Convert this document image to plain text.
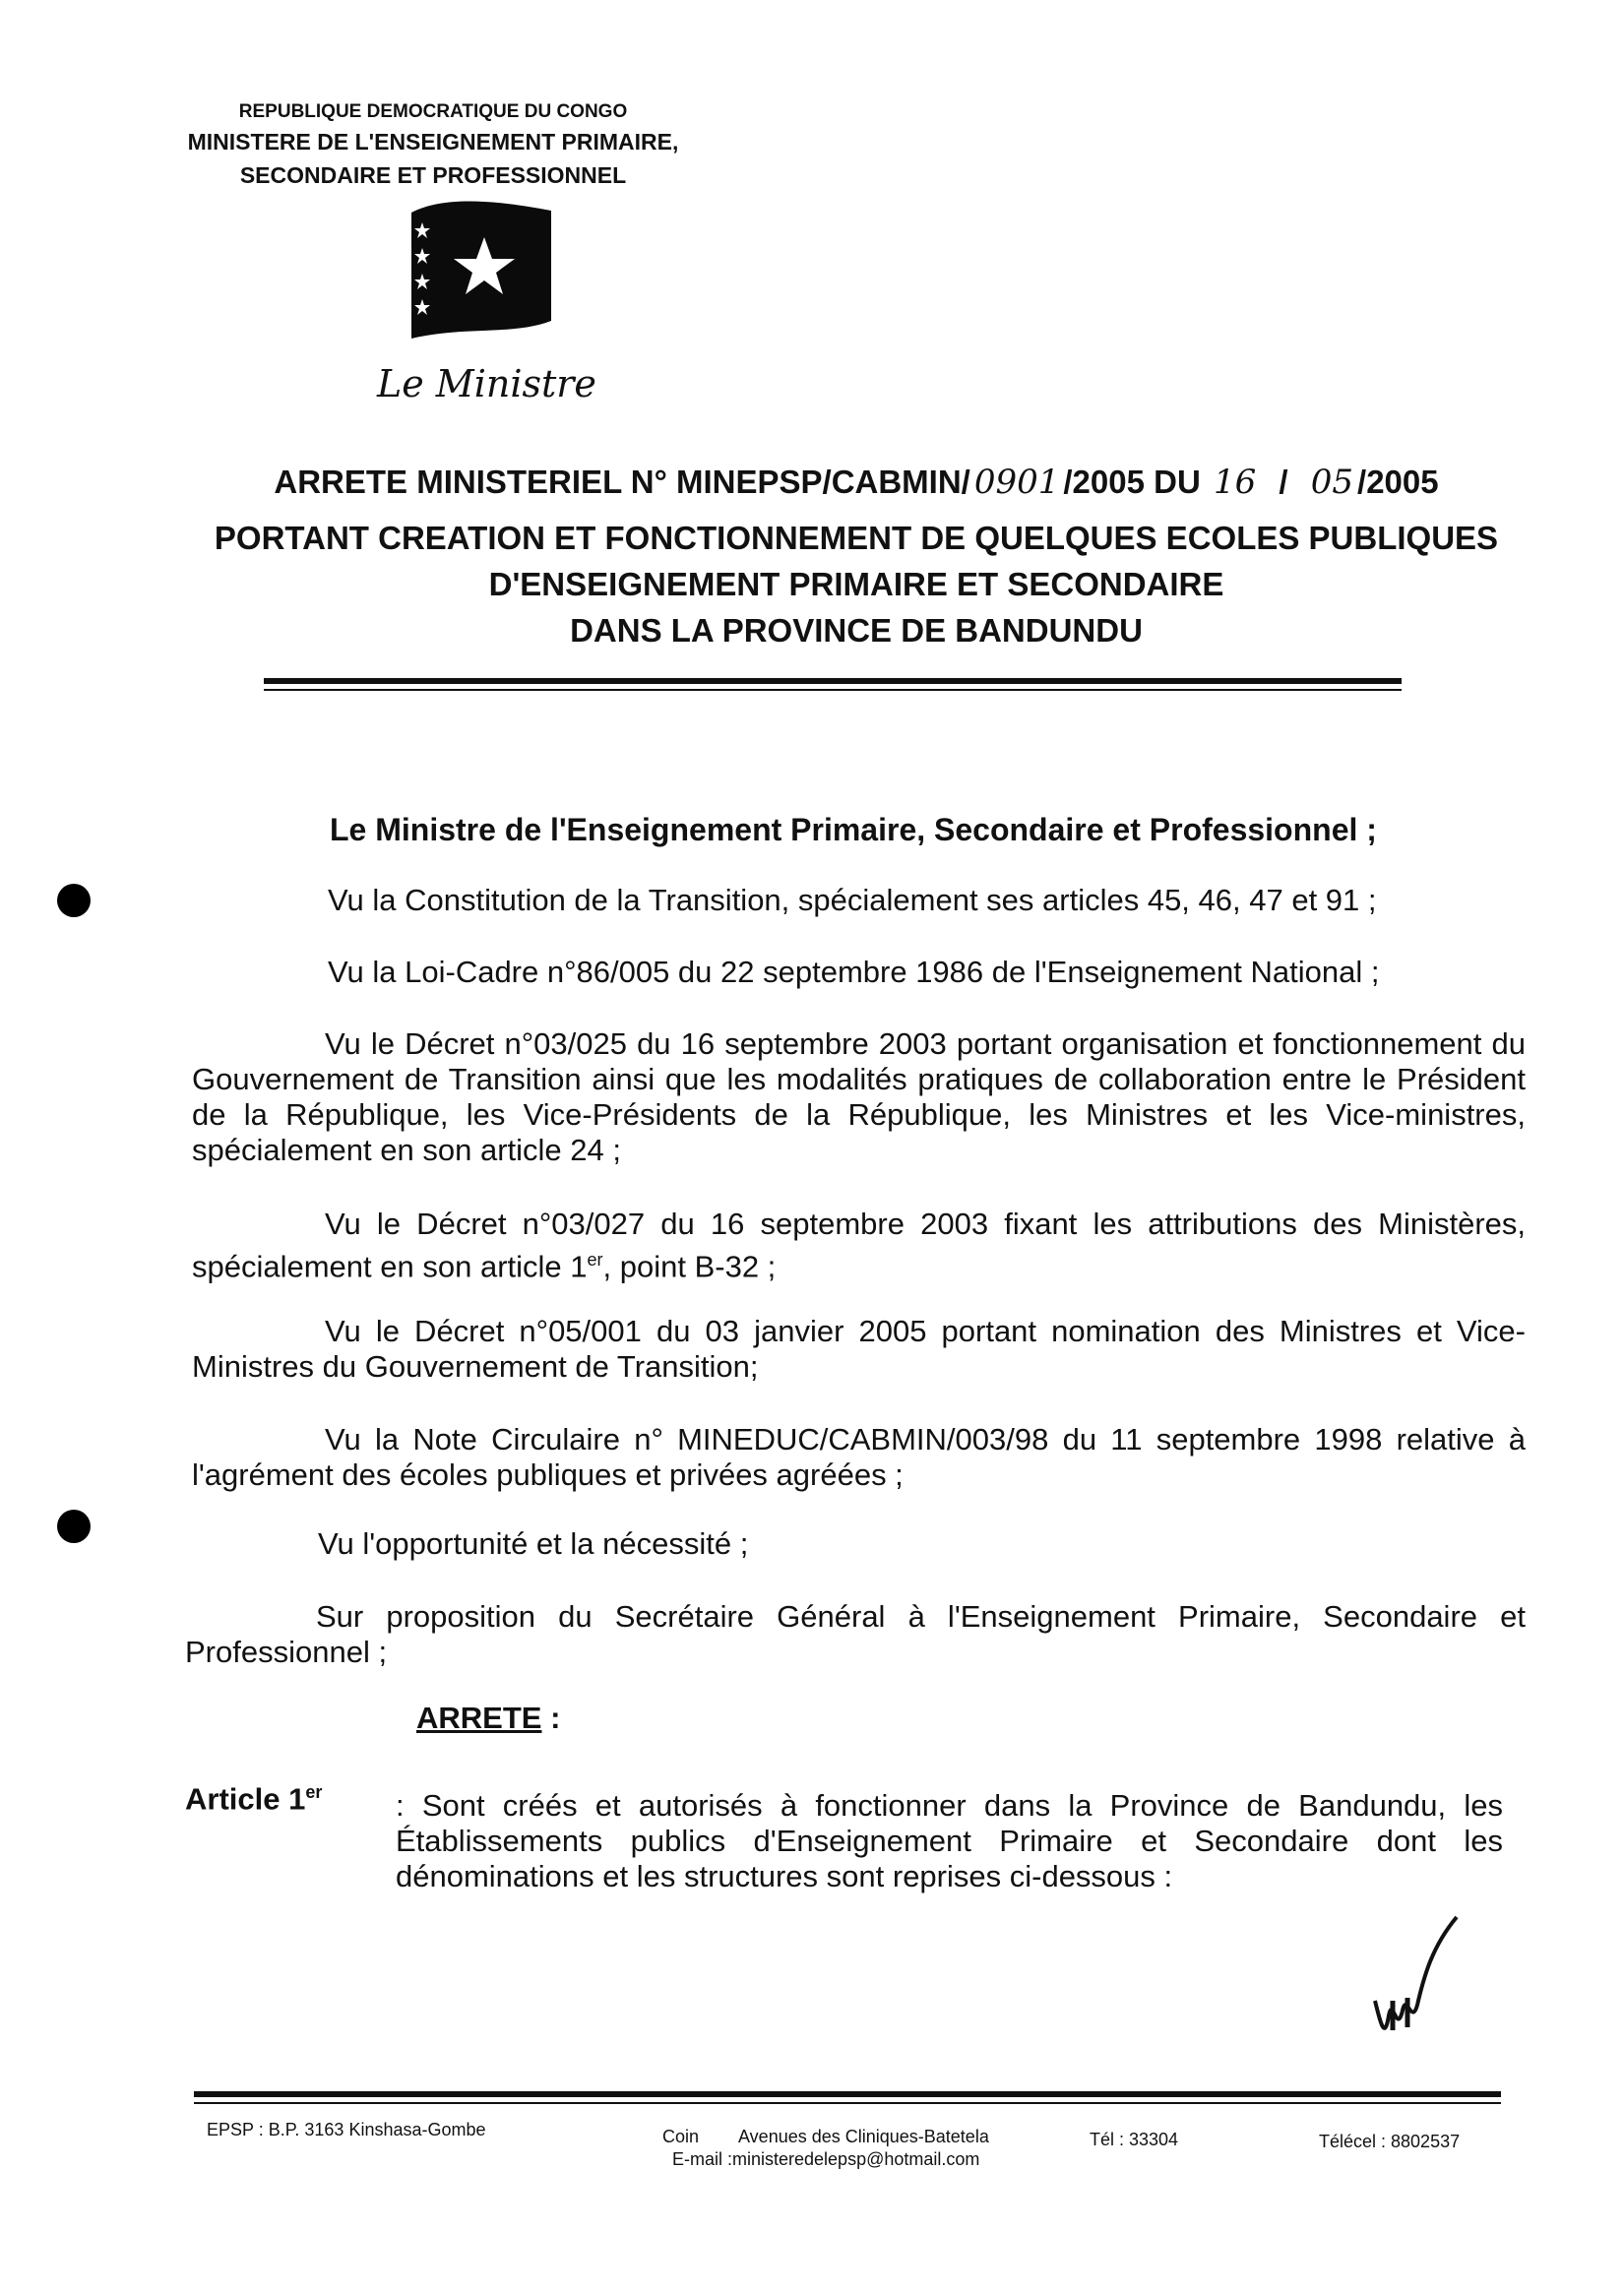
REPUBLIQUE DEMOCRATIQUE DU CONGO
MINISTERE DE L'ENSEIGNEMENT PRIMAIRE,
SECONDAIRE ET PROFESSIONNEL
Le Ministre
ARRETE MINISTERIEL N° MINEPSP/CABMIN/ 0901 /2005 DU 16 / 05 /2005
PORTANT CREATION ET FONCTIONNEMENT DE QUELQUES ECOLES PUBLIQUES
D'ENSEIGNEMENT PRIMAIRE ET SECONDAIRE
DANS LA PROVINCE DE BANDUNDU
Le Ministre de l'Enseignement Primaire, Secondaire et Professionnel ;
Vu la Constitution de la Transition, spécialement ses articles 45, 46, 47 et 91 ;
Vu la Loi-Cadre n°86/005 du 22 septembre 1986 de l'Enseignement National ;
Vu le Décret n°03/025 du 16 septembre 2003 portant organisation et fonctionnement du Gouvernement de Transition ainsi que les modalités pratiques de collaboration entre le Président de la République, les Vice-Présidents de la République, les Ministres et les Vice-ministres, spécialement en son article 24 ;
Vu le Décret n°03/027 du 16 septembre 2003 fixant les attributions des Ministères, spécialement en son article 1er, point B-32 ;
Vu le Décret n°05/001 du 03 janvier 2005 portant nomination des Ministres et Vice-Ministres du Gouvernement de Transition;
Vu la Note Circulaire n° MINEDUC/CABMIN/003/98 du 11 septembre 1998 relative à l'agrément des écoles publiques et privées agréées ;
Vu l'opportunité et la nécessité ;
Sur proposition du Secrétaire Général à l'Enseignement Primaire, Secondaire et Professionnel ;
ARRETE :
Article 1er : Sont créés et autorisés à fonctionner dans la Province de Bandundu, les Établissements publics d'Enseignement Primaire et Secondaire dont les dénominations et les structures sont reprises ci-dessous :
EPSP : B.P. 3163 Kinshasa-Gombe	Coin Avenues des Cliniques-Batetela
E-mail :ministeredelepsp@hotmail.com
Tél : 33304	Télécel : 8802537
